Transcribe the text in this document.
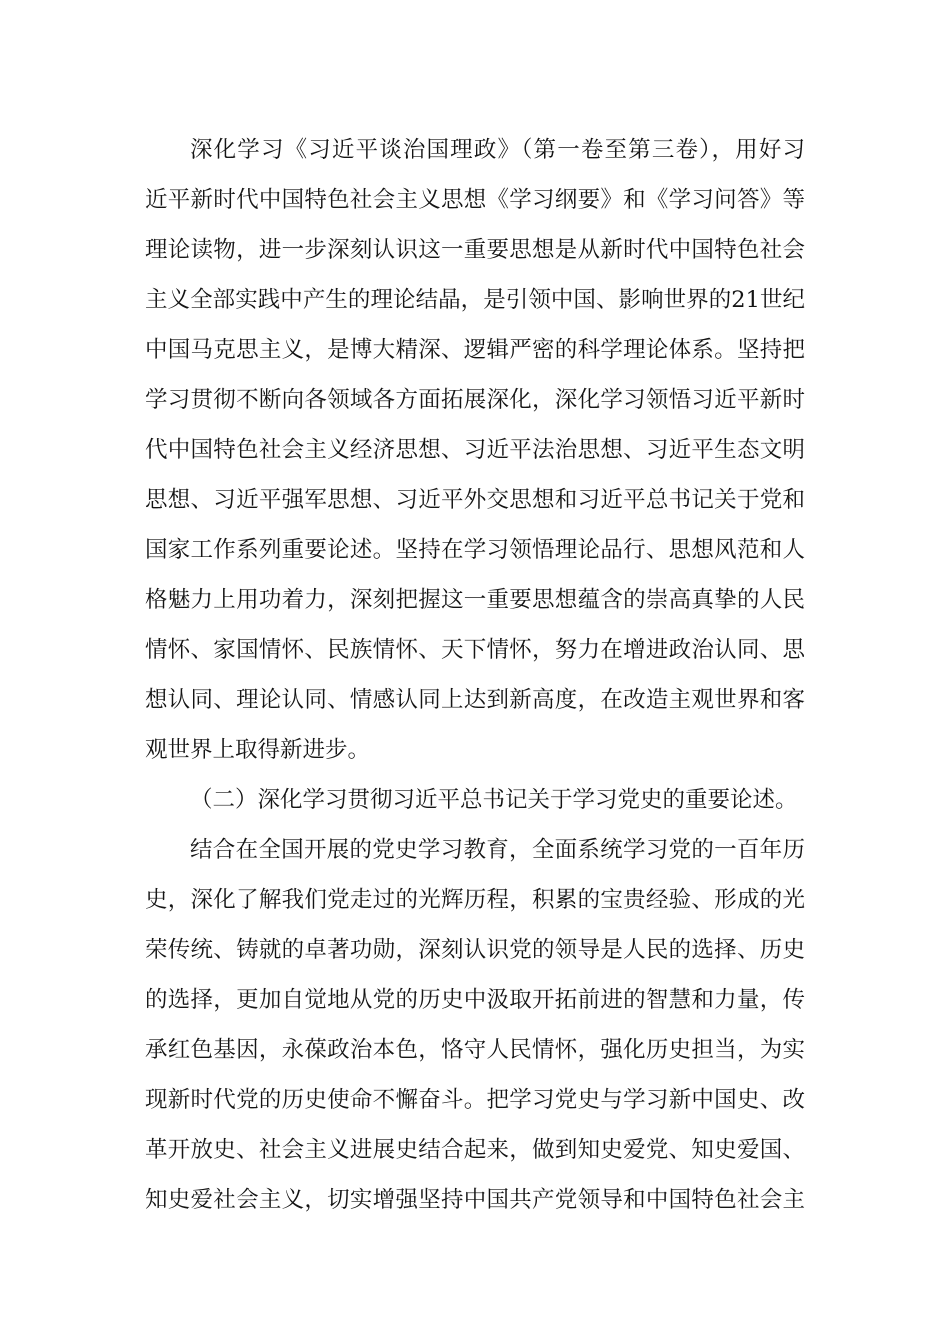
深化学习《习近平谈治国理政》（第一卷至第三卷），用好习
近平新时代中国特色社会主义思想《学习纲要》和《学习问答》等
理论读物，进一步深刻认识这一重要思想是从新时代中国特色社会
主义全部实践中产生的理论结晶，是引领中国、影响世界的21世纪
中国马克思主义，是博大精深、逻辑严密的科学理论体系。坚持把
学习贯彻不断向各领域各方面拓展深化，深化学习领悟习近平新时
代中国特色社会主义经济思想、习近平法治思想、习近平生态文明
思想、习近平强军思想、习近平外交思想和习近平总书记关于党和
国家工作系列重要论述。坚持在学习领悟理论品行、思想风范和人
格魅力上用功着力，深刻把握这一重要思想蕴含的崇高真挚的人民
情怀、家国情怀、民族情怀、天下情怀，努力在增进政治认同、思
想认同、理论认同、情感认同上达到新高度，在改造主观世界和客
观世界上取得新进步。
（二）深化学习贯彻习近平总书记关于学习党史的重要论述。
结合在全国开展的党史学习教育，全面系统学习党的一百年历
史，深化了解我们党走过的光辉历程，积累的宝贵经验、形成的光
荣传统、铸就的卓著功勋，深刻认识党的领导是人民的选择、历史
的选择，更加自觉地从党的历史中汲取开拓前进的智慧和力量，传
承红色基因，永葆政治本色，恪守人民情怀，强化历史担当，为实
现新时代党的历史使命不懈奋斗。把学习党史与学习新中国史、改
革开放史、社会主义进展史结合起来，做到知史爱党、知史爱国、
知史爱社会主义，切实增强坚持中国共产党领导和中国特色社会主
